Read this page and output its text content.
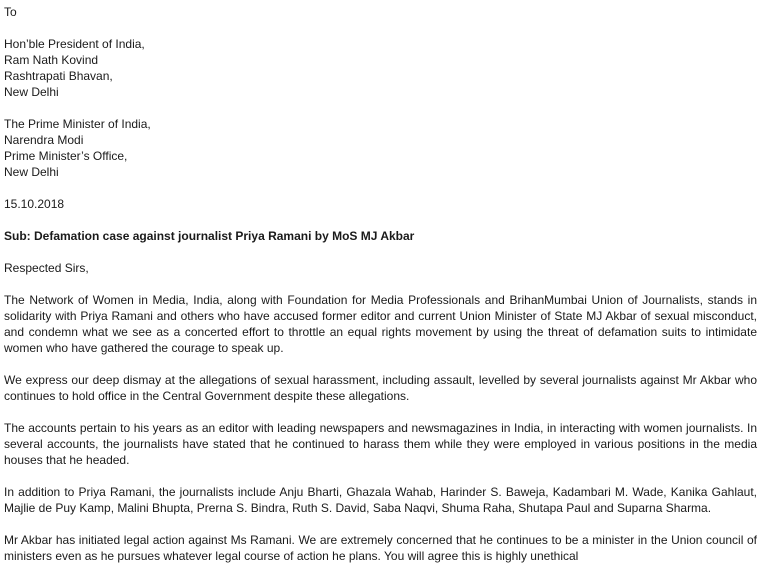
To
Hon’ble President of India,
Ram Nath Kovind
Rashtrapati Bhavan,
New Delhi
The Prime Minister of India,
Narendra Modi
Prime Minister’s Office,
New Delhi
15.10.2018
Sub: Defamation case against journalist Priya Ramani by MoS MJ Akbar
Respected Sirs,

The Network of Women in Media, India, along with Foundation for Media Professionals and BrihanMumbai Union of Journalists, stands in solidarity with Priya Ramani and others who have accused former editor and current Union Minister of State MJ Akbar of sexual misconduct, and condemn what we see as a concerted effort to throttle an equal rights movement by using the threat of defamation suits to intimidate women who have gathered the courage to speak up.

We express our deep dismay at the allegations of sexual harassment, including assault, levelled by several journalists against Mr Akbar who continues to hold office in the Central Government despite these allegations.

The accounts pertain to his years as an editor with leading newspapers and newsmagazines in India, in interacting with women journalists. In several accounts, the journalists have stated that he continued to harass them while they were employed in various positions in the media houses that he headed.

In addition to Priya Ramani, the journalists include Anju Bharti, Ghazala Wahab, Harinder S. Baweja, Kadambari M. Wade, Kanika Gahlaut, Majlie de Puy Kamp, Malini Bhupta, Prerna S. Bindra, Ruth S. David, Saba Naqvi, Shuma Raha, Shutapa Paul and Suparna Sharma.

Mr Akbar has initiated legal action against Ms Ramani. We are extremely concerned that he continues to be a minister in the Union council of ministers even as he pursues whatever legal course of action he plans. You will agree this is highly unethical
